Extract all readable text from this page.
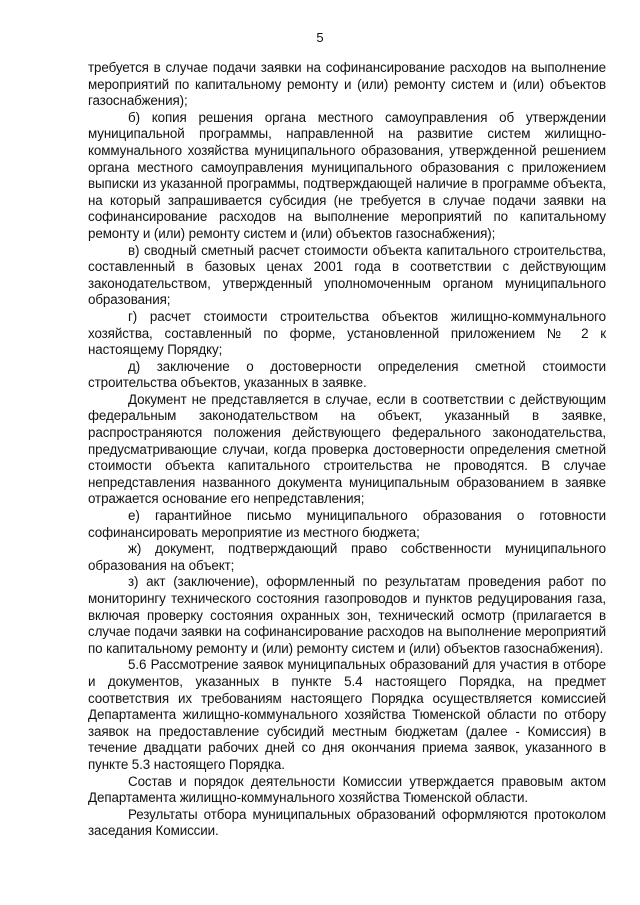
5

требуется в случае подачи заявки на софинансирование расходов на выполнение мероприятий по капитальному ремонту и (или) ремонту систем и (или) объектов газоснабжения);

б) копия решения органа местного самоуправления об утверждении муниципальной программы, направленной на развитие систем жилищно-коммунального хозяйства муниципального образования, утвержденной решением органа местного самоуправления муниципального образования с приложением выписки из указанной программы, подтверждающей наличие в программе объекта, на который запрашивается субсидия (не требуется в случае подачи заявки на софинансирование расходов на выполнение мероприятий по капитальному ремонту и (или) ремонту систем и (или) объектов газоснабжения);

в) сводный сметный расчет стоимости объекта капитального строительства, составленный в базовых ценах 2001 года в соответствии с действующим законодательством, утвержденный уполномоченным органом муниципального образования;

г) расчет стоимости строительства объектов жилищно-коммунального хозяйства, составленный по форме, установленной приложением № 2 к настоящему Порядку;

д) заключение о достоверности определения сметной стоимости строительства объектов, указанных в заявке.

Документ не представляется в случае, если в соответствии с действующим федеральным законодательством на объект, указанный в заявке, распространяются положения действующего федерального законодательства, предусматривающие случаи, когда проверка достоверности определения сметной стоимости объекта капитального строительства не проводятся. В случае непредставления названного документа муниципальным образованием в заявке отражается основание его непредставления;

е) гарантийное письмо муниципального образования о готовности софинансировать мероприятие из местного бюджета;

ж) документ, подтверждающий право собственности муниципального образования на объект;

з) акт (заключение), оформленный по результатам проведения работ по мониторингу технического состояния газопроводов и пунктов редуцирования газа, включая проверку состояния охранных зон, технический осмотр (прилагается в случае подачи заявки на софинансирование расходов на выполнение мероприятий по капитальному ремонту и (или) ремонту систем и (или) объектов газоснабжения).

5.6 Рассмотрение заявок муниципальных образований для участия в отборе и документов, указанных в пункте 5.4 настоящего Порядка, на предмет соответствия их требованиям настоящего Порядка осуществляется комиссией Департамента жилищно-коммунального хозяйства Тюменской области по отбору заявок на предоставление субсидий местным бюджетам (далее - Комиссия) в течение двадцати рабочих дней со дня окончания приема заявок, указанного в пункте 5.3 настоящего Порядка.

Состав и порядок деятельности Комиссии утверждается правовым актом Департамента жилищно-коммунального хозяйства Тюменской области.

Результаты отбора муниципальных образований оформляются протоколом заседания Комиссии.
